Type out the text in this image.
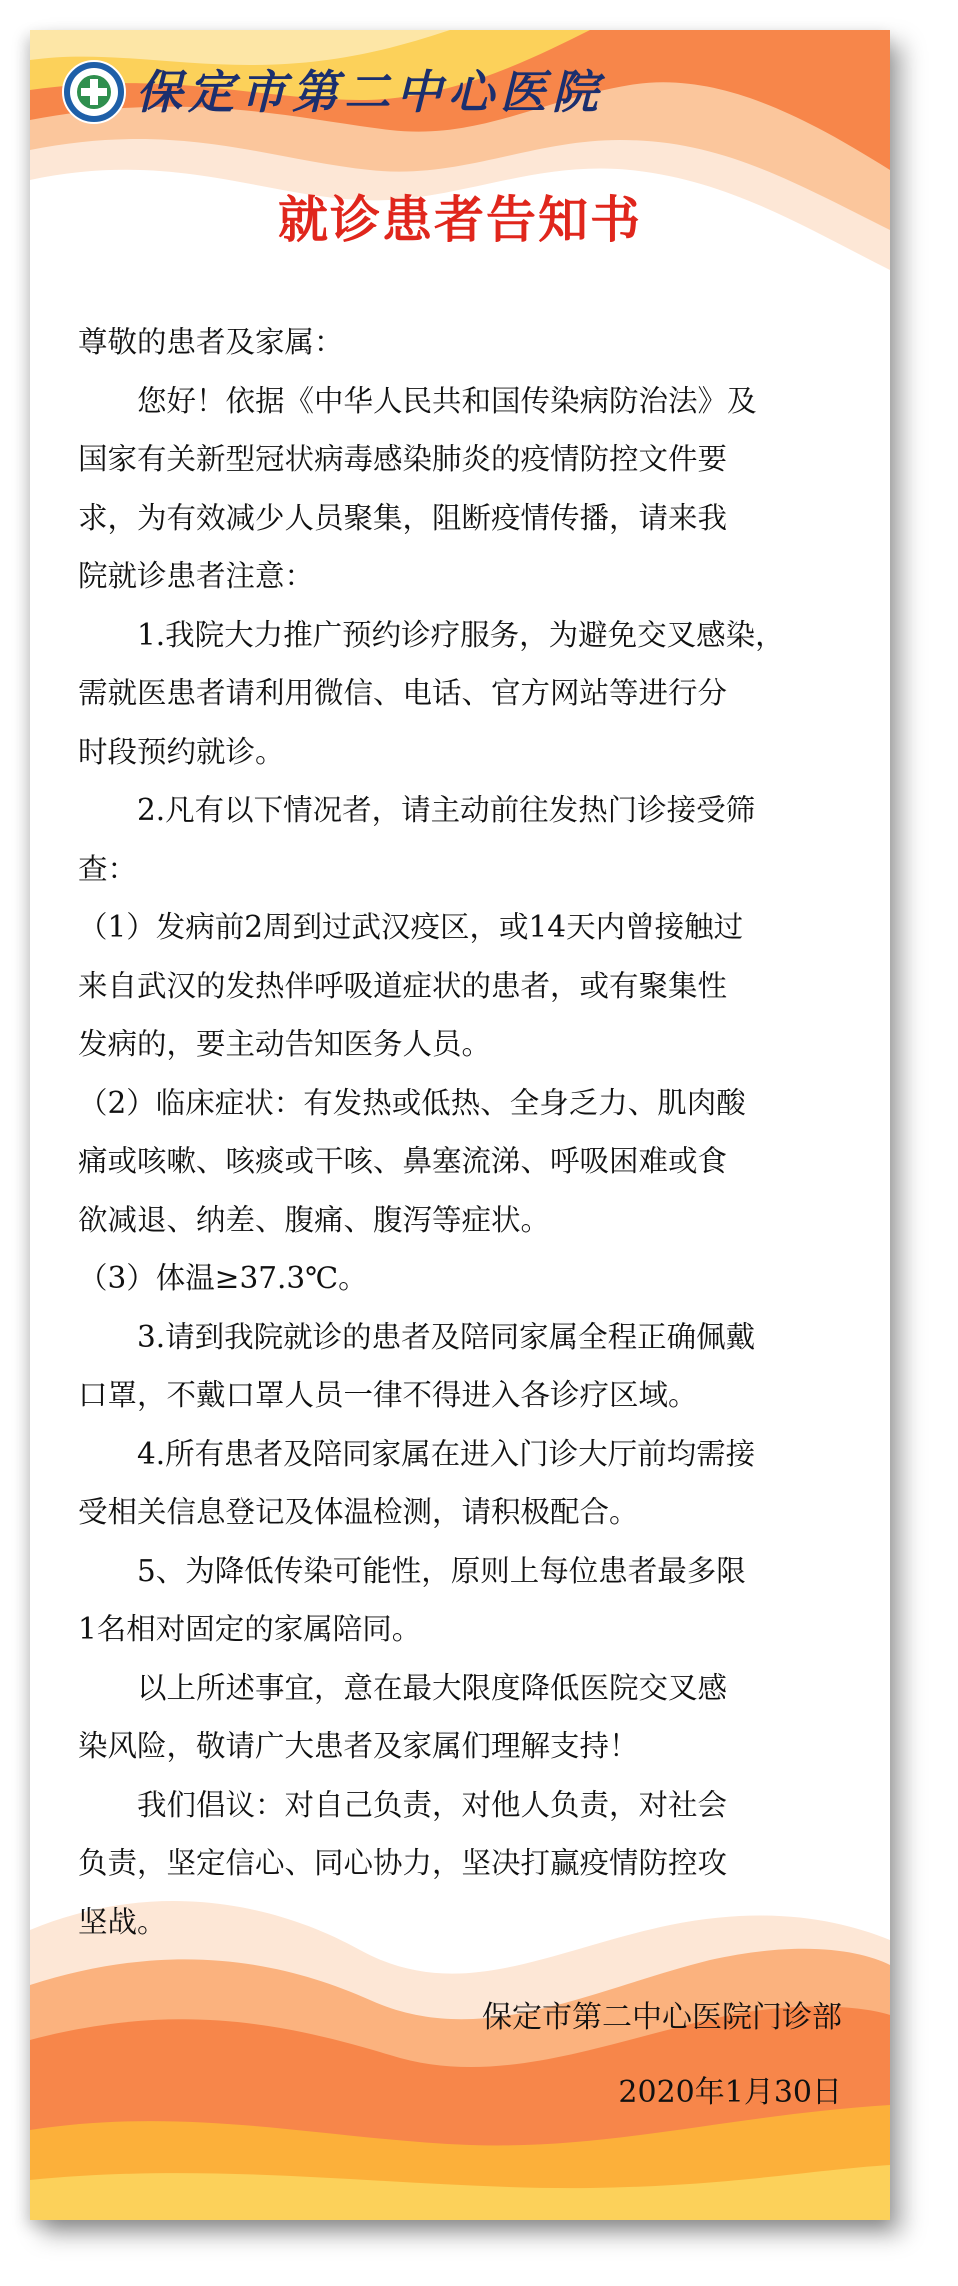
保定市第二中心医院
就诊患者告知书
尊敬的患者及家属：
　　您好！依据《中华人民共和国传染病防治法》及
国家有关新型冠状病毒感染肺炎的疫情防控文件要
求，为有效减少人员聚集，阻断疫情传播，请来我
院就诊患者注意：
　　1.我院大力推广预约诊疗服务，为避免交叉感染，
需就医患者请利用微信、电话、官方网站等进行分
时段预约就诊。
　　2.凡有以下情况者，请主动前往发热门诊接受筛
查：
（1）发病前2周到过武汉疫区，或14天内曾接触过
来自武汉的发热伴呼吸道症状的患者，或有聚集性
发病的，要主动告知医务人员。
（2）临床症状：有发热或低热、全身乏力、肌肉酸
痛或咳嗽、咳痰或干咳、鼻塞流涕、呼吸困难或食
欲减退、纳差、腹痛、腹泻等症状。
（3）体温≥37.3℃。
　　3.请到我院就诊的患者及陪同家属全程正确佩戴
口罩，不戴口罩人员一律不得进入各诊疗区域。
　　4.所有患者及陪同家属在进入门诊大厅前均需接
受相关信息登记及体温检测，请积极配合。
　　5、为降低传染可能性，原则上每位患者最多限
1名相对固定的家属陪同。
　　以上所述事宜，意在最大限度降低医院交叉感
染风险，敬请广大患者及家属们理解支持！
　　我们倡议：对自己负责，对他人负责，对社会
负责，坚定信心、同心协力，坚决打赢疫情防控攻
坚战。
保定市第二中心医院门诊部
2020年1月30日
